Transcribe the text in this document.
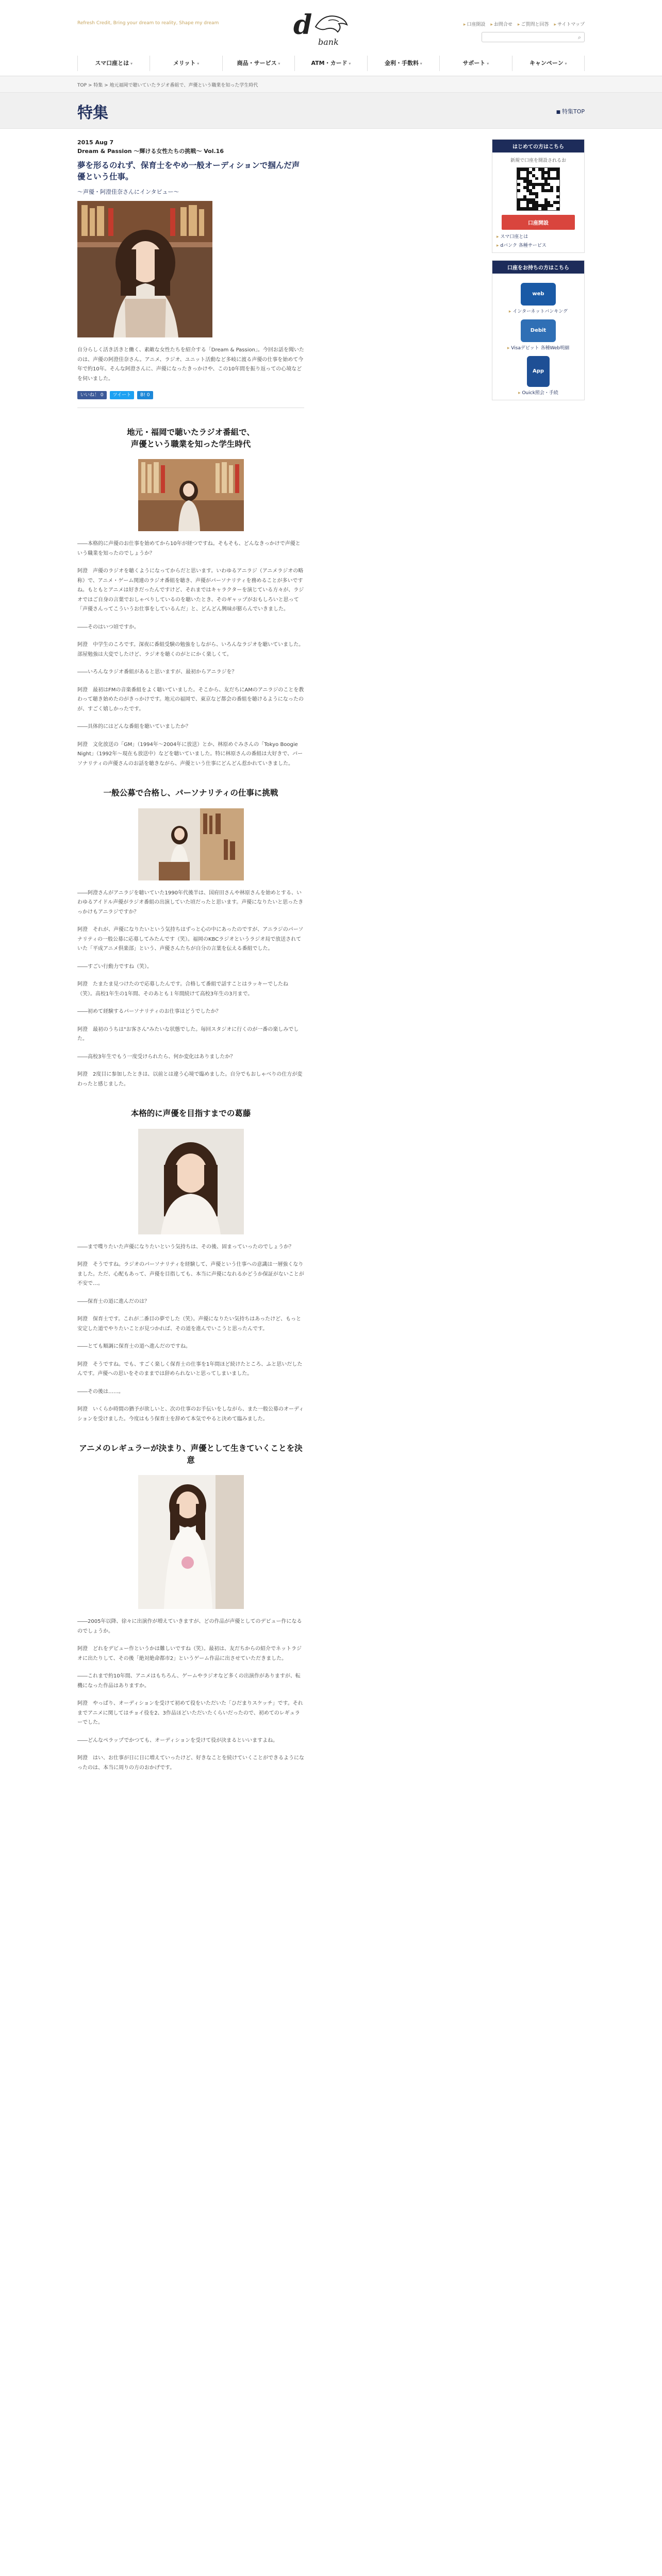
Refresh Credit, Bring your dream to reality, Shape my dream	d
bank
▸ 口座開設	▸ お問合せ	▸ ご質問と回答	▸ サイトマップ
⌕
スマ口座とは ▾	メリット ▾	商品・サービス ▾	ATM・カード ▾	金利・手数料 ▾	サポート ▾	キャンペーン ▾
TOP > 特集 > 地元福岡で聴いていたラジオ番組で、声優という職業を知った学生時代
特集	■ 特集TOP
2015 Aug 7
Dream & Passion ～輝ける女性たちの挑戦～ Vol.16
夢を形るのれず、保育士をやめ一般オーディションで掴んだ声優という仕事。
～ 声優・阿澄佳奈さんにインタビュー～
自分らしく活き活きと働く、素敵な女性たちを紹介する「Dream & Passion」。今回お話を聞いたのは、声優の阿澄佳奈さん。アニメ、ラジオ、ユニット活動など多岐に渡る声優の仕事を始めて今年で約10年。そんな阿澄さんに、声優になったきっかけや、この10年間を振り返っての心境などを伺いました。
いいね！ 0	ツイート	B! 0
地元・福岡で聴いたラジオ番組で、
声優という職業を知った学生時代
――本格的に声優のお仕事を始めてから10年が経つですね。そもそも、どんなきっかけで声優という職業を知ったのでしょうか？
阿澄　声優のラジオを聴くようになってからだと思います。いわゆるアニラジ（アニメラジオの略称）で、アニメ・ゲーム関連のラジオ番組を聴き、声優がパーソナリティを務めることが多いですね。もともとアニメは好きだったんですけど、それまではキャラクターを演じている方々が、ラジオではご自身の言葉でおしゃべりしているのを聴いたとき、そのギャップがおもしろいと思って「声優さんってこういうお仕事をしているんだ」と、どんどん興味が膨らんでいきました。
――そのはいつ頃ですか。
阿澄　中学生のころです。深夜に番組受験の勉強をしながら、いろんなラジオを聴いていました。部屋勉強は大変でしたけど、ラジオを聴くのがとにかく楽しくて。
――いろんなラジオ番組があると思いますが、最初からアニラジを？
阿澄　最初はFMの音楽番組をよく聴いていました。そこから、友だちにAMのアニラジのことを教わって聴き始めたのがきっかけです。地元の福岡で、東京など都会の番組を聴けるようになったのが、すごく嬉しかったです。
――具体的にはどんな番組を聴いていましたか？
阿澄　文化放送の「GM」（1994年〜2004年に放送）とか、林原めぐみさんの「Tokyo Boogie Night」（1992年〜現在も放送中）などを聴いていました。特に林原さんの番組は大好きで、パーソナリティの声優さんのお話を聴きながら、声優という仕事にどんどん惹かれていきました。
一般公募で合格し、パーソナリティの仕事に挑戦
――阿澄さんがアニラジを聴いていた1990年代後半は、国府田さんや林原さんを始めとする、いわゆるアイドル声優がラジオ番組の出演していた頃だったと思います。声優になりたいと思ったきっかけもアニラジですか？
阿澄　それが、声優になりたいという気持ちはずっと心の中にあったのですが、アニラジのパーソナリティの一般公募に応募してみたんです（笑）。福岡のKBCラジオというラジオ局で放送されていた「平成アニメ倶楽部」という、声優さんたちが自分の言葉を伝える番組でした。
――すごい行動力ですね（笑）。
阿澄　たまたま見つけたので応募したんです。合格して番組で話すことはラッキーでしたね（笑）。高校1年生の1年間、そのあとも１年間続けて高校3年生の3月まで。
――初めて経験するパーソナリティのお仕事はどうでしたか？
阿澄　最初のうちは"お客さん"みたいな状態でした。毎回スタジオに行くのが一番の楽しみでした。
――高校3年生でもう一度受けられたら、何か変化はありましたか？
阿澄　2度目に参加したときは、以前とは違う心境で臨めました。自分でもおしゃべりの仕方が変わったと感じました。
本格的に声優を目指すまでの葛藤
――まで喋りたいた声優になりたいという気持ちは、その後、固まっていったのでしょうか？
阿澄　そうですね。ラジオのパーソナリティを経験して、声優という仕事への意識は一層強くなりました。ただ、心配もあって、声優を目指しても、本当に声優になれるかどうか保証がないことが不安で…。
――保育士の道に進んだのは？
阿澄　保育士です。これが二番目の夢でした（笑）。声優になりたい気持ちはあったけど、もっと安定した道でやりたいことが見つかれば、その道を進んでいこうと思ったんです。
――とても順調に保育士の道へ進んだのですね。
阿澄　そうですね。でも、すごく楽しく保育士の仕事を1年間ほど続けたところ、ふと思いだしたんです。声優への思いをそのままでは辞められないと思ってしまいました。
――その後は……。
阿澄　いくらか時間の猶予が欲しいと、次の仕事のお手伝いをしながら、また一般公募のオーディションを受けました。今度はもう保育士を辞めて本気でやると決めて臨みました。
アニメのレギュラーが決まり、声優として生きていくことを決意
――2005年以降、徐々に出演作が増えていきますが、どの作品が声優としてのデビュー作になるのでしょうか。
阿澄　どれをデビュー作というかは難しいですね（笑）。最初は、友だちからの紹介でネットラジオに出たりして、その後「絶対絶命都市2」というゲーム作品に出させていただきました。
――これまで約10年間、アニメはもちろん、ゲームやラジオなど多くの出演作がありますが、転機になった作品はありますか。
阿澄　やっぱり、オーディションを受けて初めて役をいただいた「ひだまりスケッチ」です。それまでアニメに関してはチョイ役を2、3作品ほどいただいたくらいだったので、初めてのレギュラーでした。
――どんなペラップでかつても、オーディションを受けて役が決まるといいますよね。
阿澄　はい、お仕事が日に日に増えていったけど、好きなことを続けていくことができるようになったのは、本当に周りの方のおかげです。
はじめての方はこちら
新規で口座を開設されるお
口座開設
▸ スマ口座とは
▸ dバンク 各種サービス
口座をお持ちの方はこちら
web
▸ インターネットバンキング
Debit
▸ Visaデビット 各種Web明細
App
▸ Ouick照会・手続
